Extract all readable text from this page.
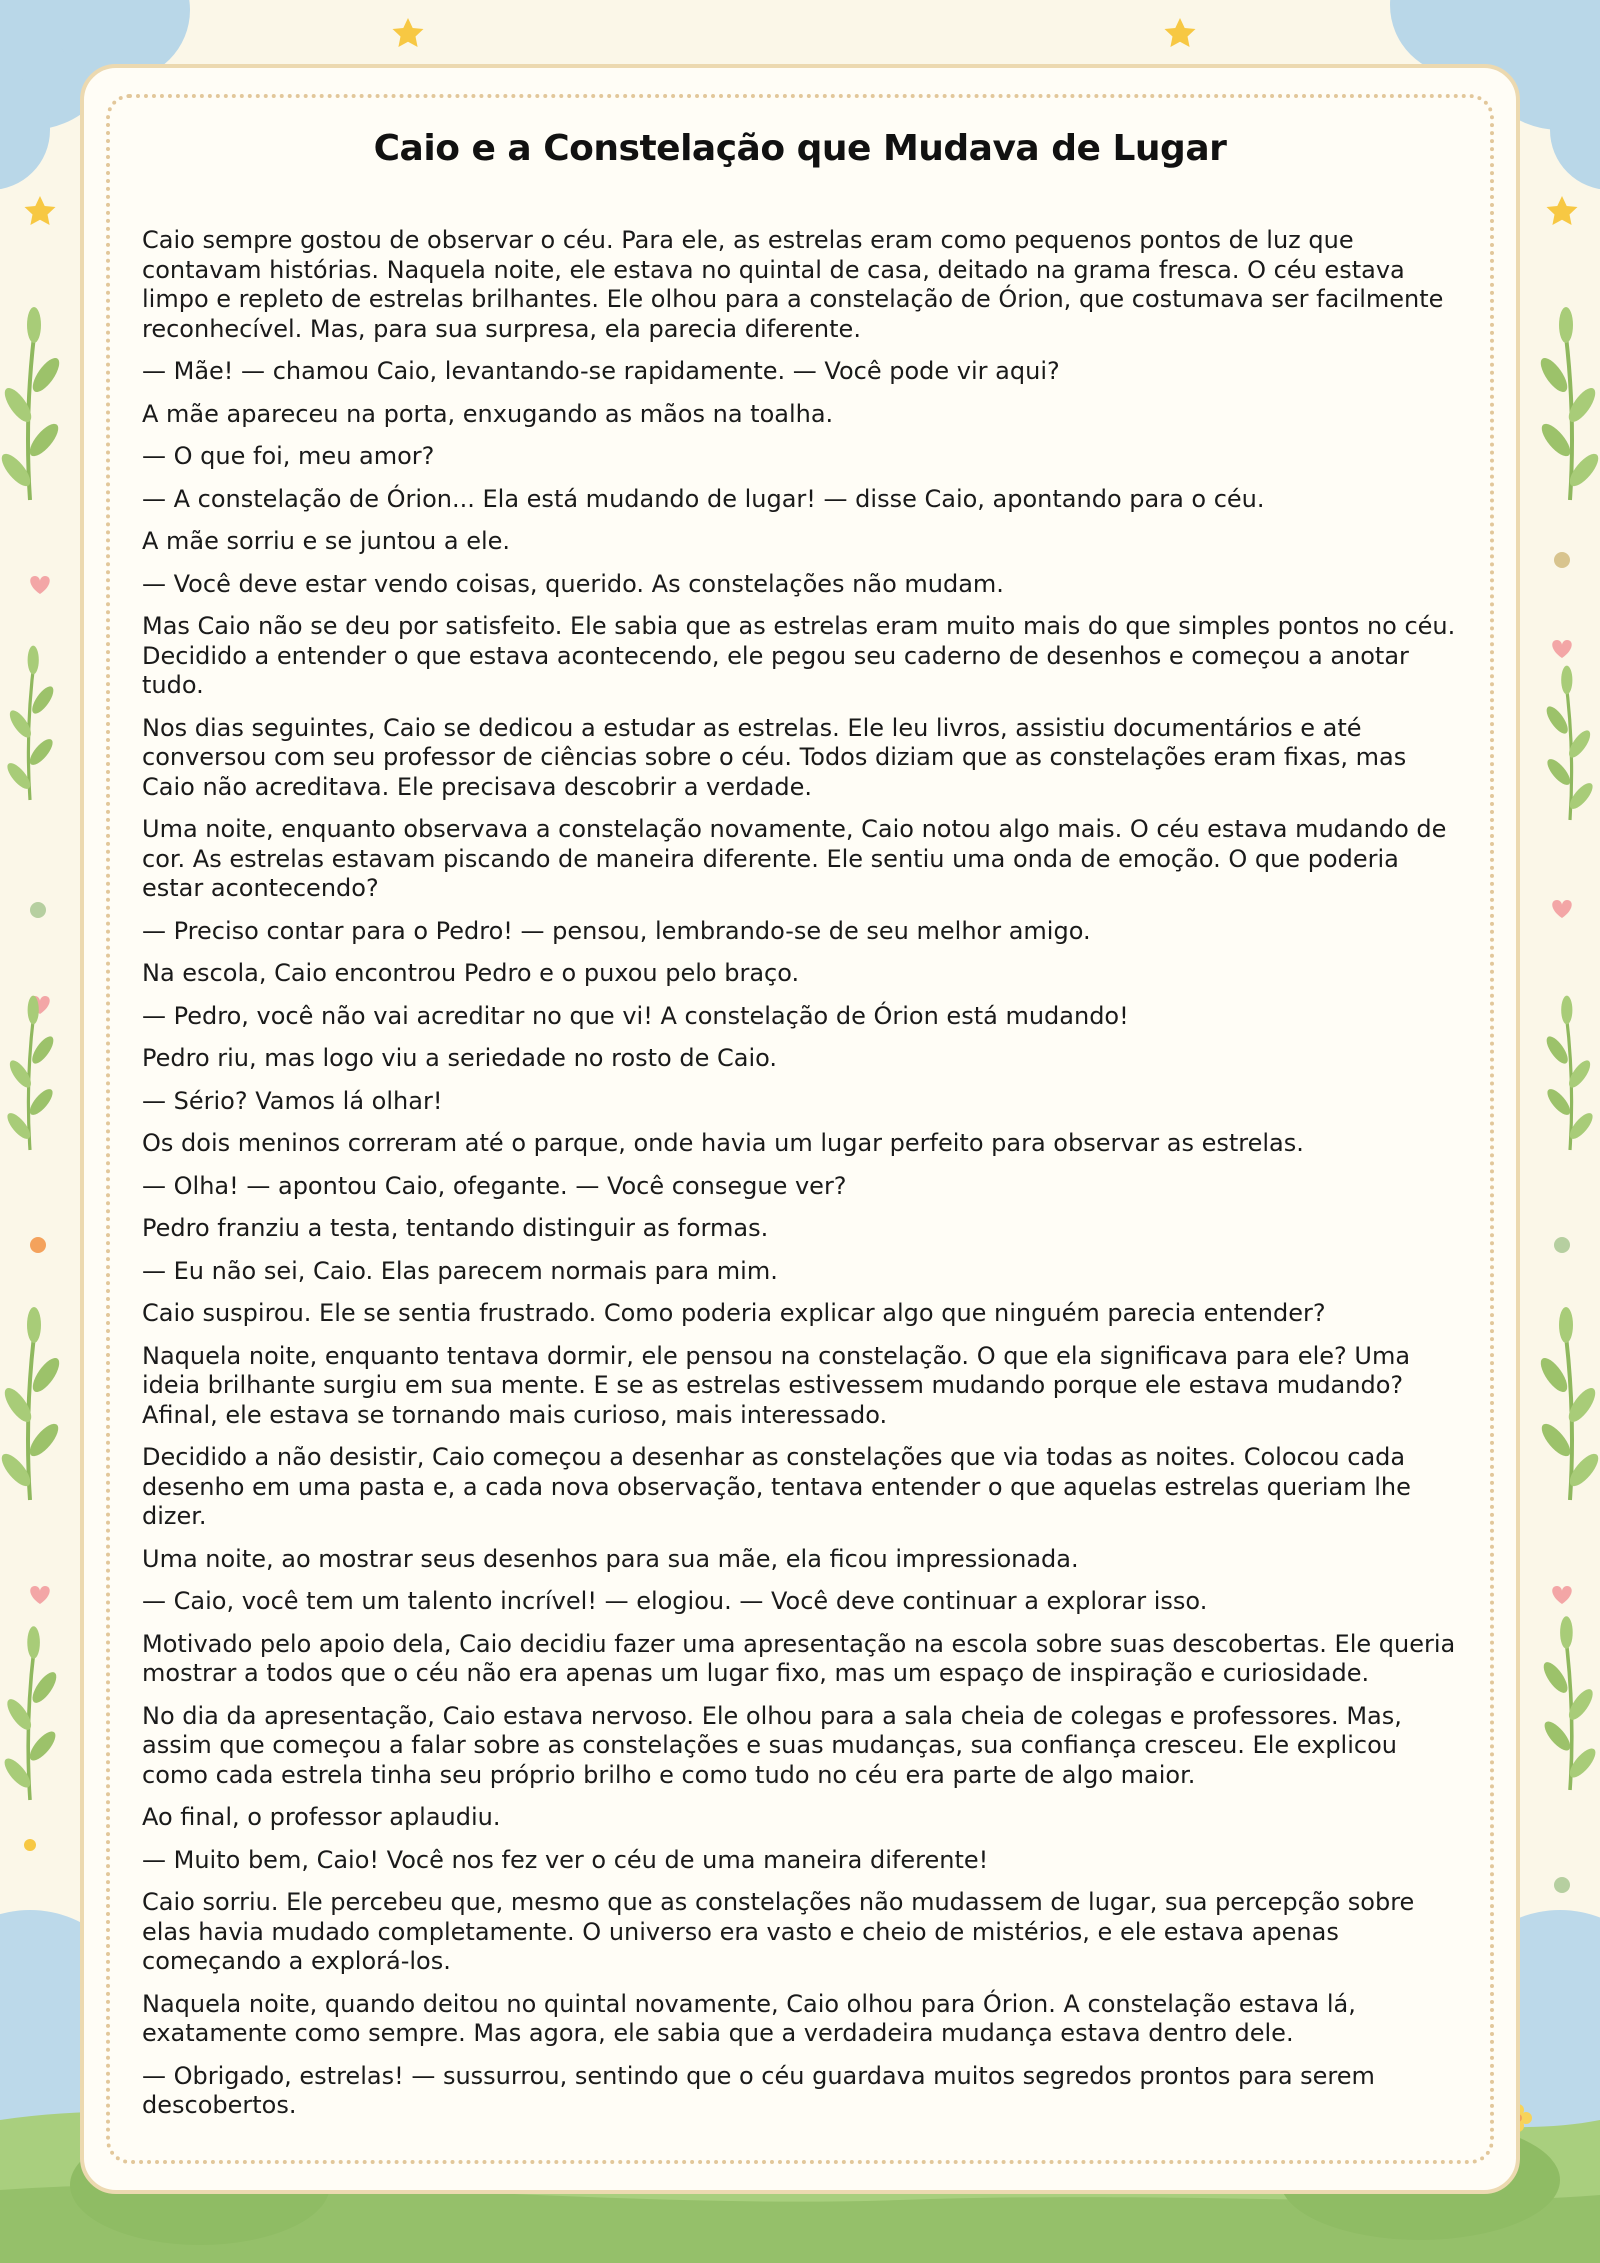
Caio e a Constelação que Mudava de Lugar

Caio sempre gostou de observar o céu. Para ele, as estrelas eram como pequenos pontos de luz que contavam histórias. Naquela noite, ele estava no quintal de casa, deitado na grama fresca. O céu estava limpo e repleto de estrelas brilhantes. Ele olhou para a constelação de Órion, que costumava ser facilmente reconhecível. Mas, para sua surpresa, ela parecia diferente.

— Mãe! — chamou Caio, levantando-se rapidamente. — Você pode vir aqui?

A mãe apareceu na porta, enxugando as mãos na toalha.

— O que foi, meu amor?

— A constelação de Órion... Ela está mudando de lugar! — disse Caio, apontando para o céu.

A mãe sorriu e se juntou a ele.

— Você deve estar vendo coisas, querido. As constelações não mudam.

Mas Caio não se deu por satisfeito. Ele sabia que as estrelas eram muito mais do que simples pontos no céu. Decidido a entender o que estava acontecendo, ele pegou seu caderno de desenhos e começou a anotar tudo.

Nos dias seguintes, Caio se dedicou a estudar as estrelas. Ele leu livros, assistiu documentários e até conversou com seu professor de ciências sobre o céu. Todos diziam que as constelações eram fixas, mas Caio não acreditava. Ele precisava descobrir a verdade.

Uma noite, enquanto observava a constelação novamente, Caio notou algo mais. O céu estava mudando de cor. As estrelas estavam piscando de maneira diferente. Ele sentiu uma onda de emoção. O que poderia estar acontecendo?

— Preciso contar para o Pedro! — pensou, lembrando-se de seu melhor amigo.

Na escola, Caio encontrou Pedro e o puxou pelo braço.

— Pedro, você não vai acreditar no que vi! A constelação de Órion está mudando!

Pedro riu, mas logo viu a seriedade no rosto de Caio.

— Sério? Vamos lá olhar!

Os dois meninos correram até o parque, onde havia um lugar perfeito para observar as estrelas.

— Olha! — apontou Caio, ofegante. — Você consegue ver?

Pedro franziu a testa, tentando distinguir as formas.

— Eu não sei, Caio. Elas parecem normais para mim.

Caio suspirou. Ele se sentia frustrado. Como poderia explicar algo que ninguém parecia entender?

Naquela noite, enquanto tentava dormir, ele pensou na constelação. O que ela significava para ele? Uma ideia brilhante surgiu em sua mente. E se as estrelas estivessem mudando porque ele estava mudando? Afinal, ele estava se tornando mais curioso, mais interessado.

Decidido a não desistir, Caio começou a desenhar as constelações que via todas as noites. Colocou cada desenho em uma pasta e, a cada nova observação, tentava entender o que aquelas estrelas queriam lhe dizer.

Uma noite, ao mostrar seus desenhos para sua mãe, ela ficou impressionada.

— Caio, você tem um talento incrível! — elogiou. — Você deve continuar a explorar isso.

Motivado pelo apoio dela, Caio decidiu fazer uma apresentação na escola sobre suas descobertas. Ele queria mostrar a todos que o céu não era apenas um lugar fixo, mas um espaço de inspiração e curiosidade.

No dia da apresentação, Caio estava nervoso. Ele olhou para a sala cheia de colegas e professores. Mas, assim que começou a falar sobre as constelações e suas mudanças, sua confiança cresceu. Ele explicou como cada estrela tinha seu próprio brilho e como tudo no céu era parte de algo maior.

Ao final, o professor aplaudiu.

— Muito bem, Caio! Você nos fez ver o céu de uma maneira diferente!

Caio sorriu. Ele percebeu que, mesmo que as constelações não mudassem de lugar, sua percepção sobre elas havia mudado completamente. O universo era vasto e cheio de mistérios, e ele estava apenas começando a explorá-los.

Naquela noite, quando deitou no quintal novamente, Caio olhou para Órion. A constelação estava lá, exatamente como sempre. Mas agora, ele sabia que a verdadeira mudança estava dentro dele.

— Obrigado, estrelas! — sussurrou, sentindo que o céu guardava muitos segredos prontos para serem descobertos.
